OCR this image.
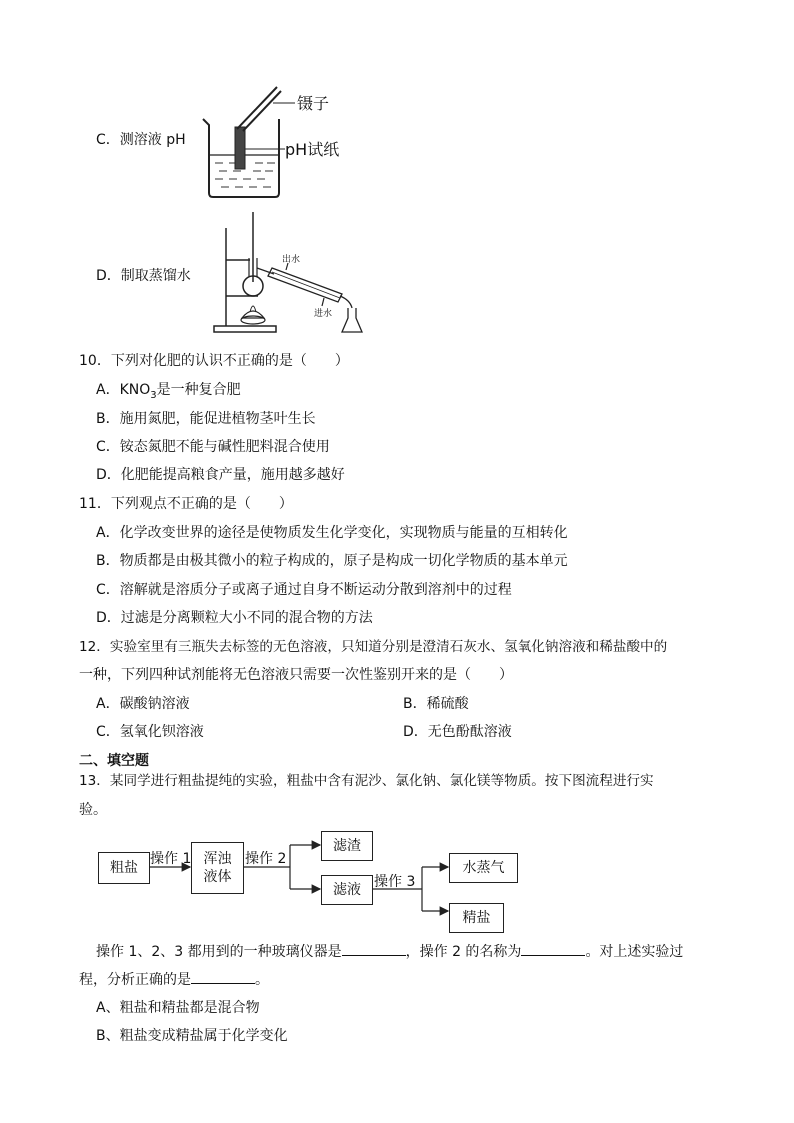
C．测溶液 pH
镊子
pH试纸
D．制取蒸馏水
出水
进水
10．下列对化肥的认识不正确的是（　　）
A．$KNO_3$是一种复合肥
B．施用氮肥，能促进植物茎叶生长
C．铵态氮肥不能与碱性肥料混合使用
D．化肥能提高粮食产量，施用越多越好
11．下列观点不正确的是（　　）
A．化学改变世界的途径是使物质发生化学变化，实现物质与能量的互相转化
B．物质都是由极其微小的粒子构成的，原子是构成一切化学物质的基本单元
C．溶解就是溶质分子或离子通过自身不断运动分散到溶剂中的过程
D．过滤是分离颗粒大小不同的混合物的方法
12．实验室里有三瓶失去标签的无色溶液，只知道分别是澄清石灰水、氢氧化钠溶液和稀盐酸中的
一种，下列四种试剂能将无色溶液只需要一次性鉴别开来的是（　　）
A．碳酸钠溶液	B．稀硫酸
C．氢氧化钡溶液	D．无色酚酞溶液
二、填空题
13．某同学进行粗盐提纯的实验，粗盐中含有泥沙、氯化钠、氯化镁等物质。按下图流程进行实
验。
粗盐
操作 1 浑浊
液体
操作 2
滤渣
滤液 操作 3
水蒸气
精盐
操作 1、2、3 都用到的一种玻璃仪器是	，操作 2 的名称为	。对上述实验过
程，分析正确的是	。
A、粗盐和精盐都是混合物
B、粗盐变成精盐属于化学变化
